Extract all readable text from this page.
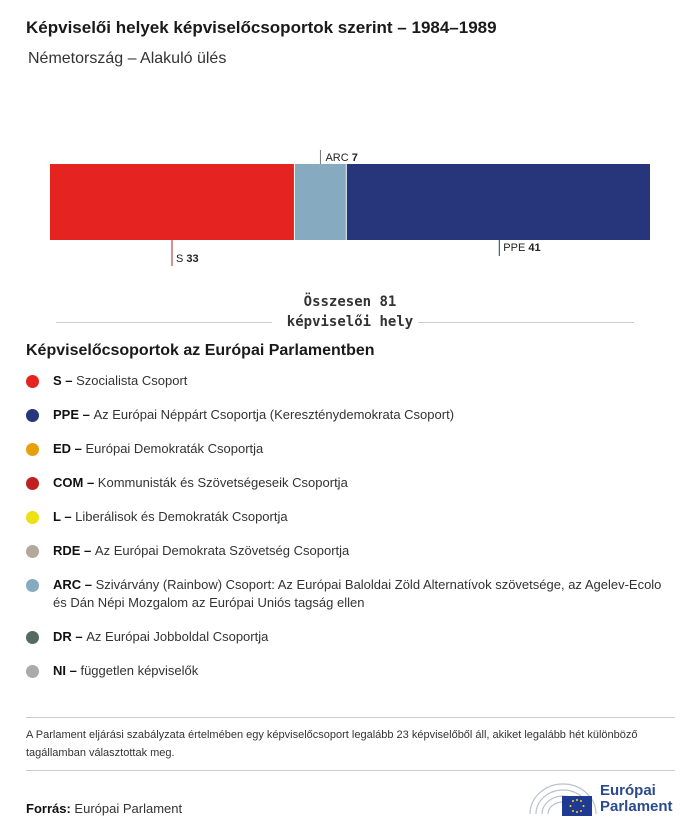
Képviselői helyek képviselőcsoportok szerint – 1984–1989
Németország – Alakuló ülés
S 33
ARC 7
PPE 41
Összesen 81 képviselői hely
Képviselőcsoportok az Európai Parlamentben
S – Szocialista Csoport
PPE – Az Európai Néppárt Csoportja (Kereszténydemokrata Csoport)
ED – Európai Demokraták Csoportja
COM – Kommunisták és Szövetségeseik Csoportja
L – Liberálisok és Demokraták Csoportja
RDE – Az Európai Demokrata Szövetség Csoportja
ARC – Szivárvány (Rainbow) Csoport: Az Európai Baloldai Zöld Alternatívok szövetsége, az Agelev-Ecolo és Dán Népi Mozgalom az Európai Uniós tagság ellen
DR – Az Európai Jobboldal Csoportja
NI – független képviselők
A Parlament eljárási szabályzata értelmében egy képviselőcsoport legalább 23 képviselőből áll, akiket legalább hét különböző tagállamban választottak meg.
Forrás: Európai Parlament
Európai
Parlament
